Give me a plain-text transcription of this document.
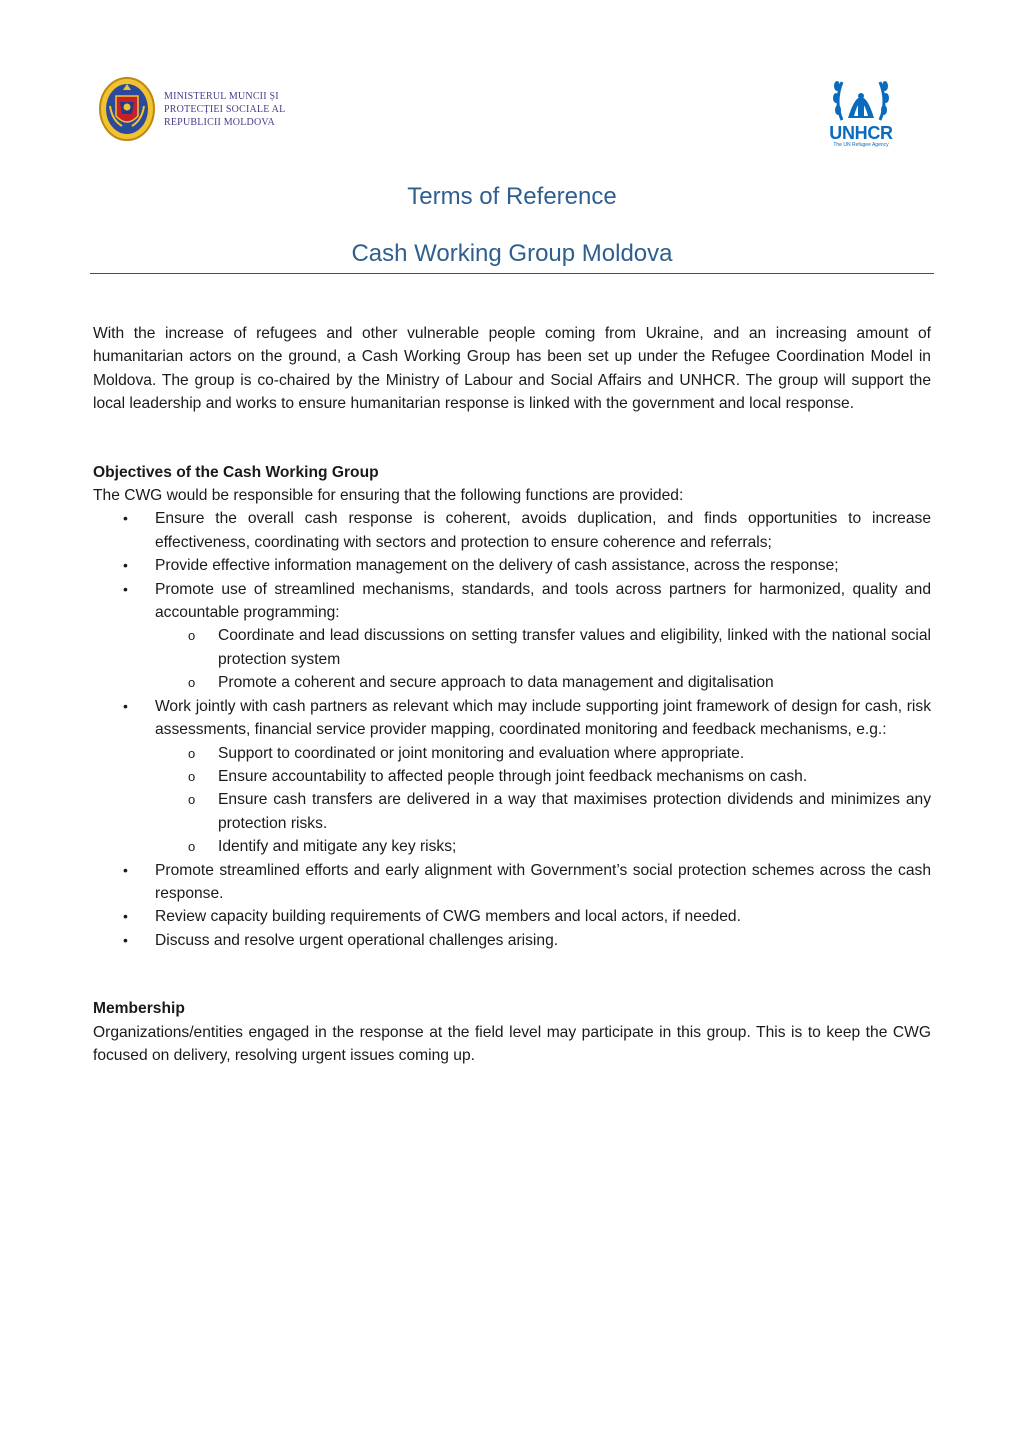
MINISTERUL MUNCII ȘI
PROTECȚIEI SOCIALE AL
REPUBLICII MOLDOVA
UNHCR
The UN Refugee Agency
Terms of Reference
Cash Working Group Moldova

With the increase of refugees and other vulnerable people coming from Ukraine, and an increasing amount of humanitarian actors on the ground, a Cash Working Group has been set up under the Refugee Coordination Model in Moldova. The group is co-chaired by the Ministry of Labour and Social Affairs and UNHCR. The group will support the local leadership and works to ensure humanitarian response is linked with the government and local response.

Objectives of the Cash Working Group

The CWG would be responsible for ensuring that the following functions are provided:

• Ensure the overall cash response is coherent, avoids duplication, and finds opportunities to increase effectiveness, coordinating with sectors and protection to ensure coherence and referrals;
• Provide effective information management on the delivery of cash assistance, across the response;
• Promote use of streamlined mechanisms, standards, and tools across partners for harmonized, quality and accountable programming:
o Coordinate and lead discussions on setting transfer values and eligibility, linked with the national social protection system
o Promote a coherent and secure approach to data management and digitalisation
• Work jointly with cash partners as relevant which may include supporting joint framework of design for cash, risk assessments, financial service provider mapping, coordinated monitoring and feedback mechanisms, e.g.:
o Support to coordinated or joint monitoring and evaluation where appropriate.
o Ensure accountability to affected people through joint feedback mechanisms on cash.
o Ensure cash transfers are delivered in a way that maximises protection dividends and minimizes any protection risks.
o Identify and mitigate any key risks;
• Promote streamlined efforts and early alignment with Government’s social protection schemes across the cash response.
• Review capacity building requirements of CWG members and local actors, if needed.
• Discuss and resolve urgent operational challenges arising.

Membership

Organizations/entities engaged in the response at the field level may participate in this group. This is to keep the CWG focused on delivery, resolving urgent issues coming up.
